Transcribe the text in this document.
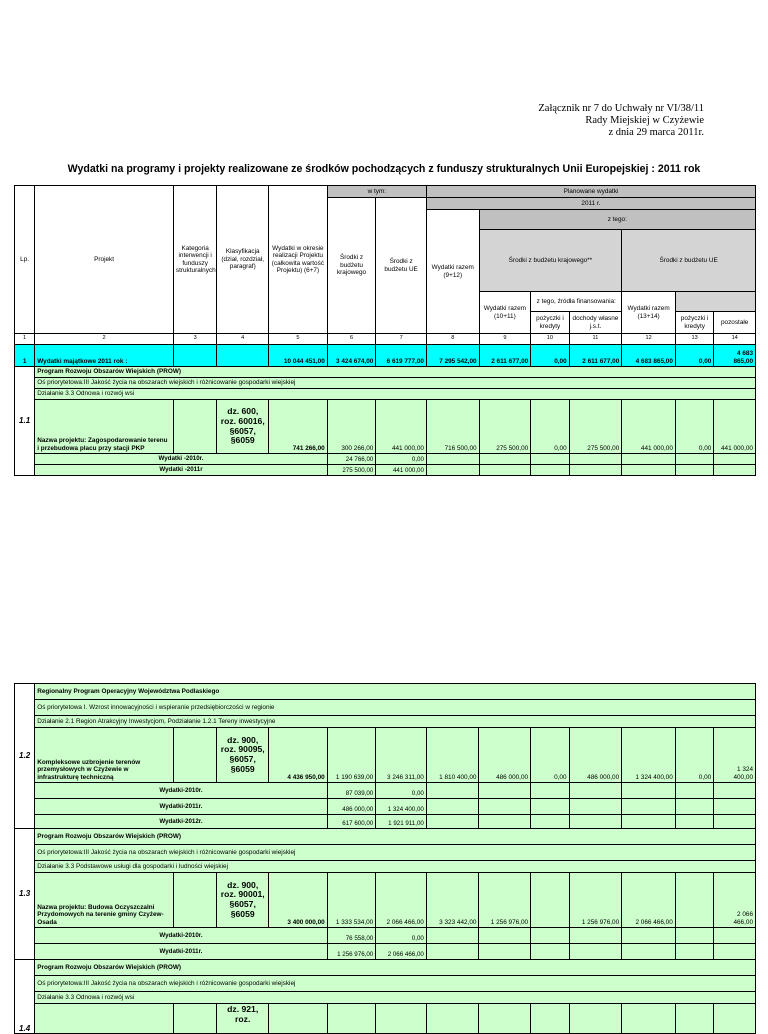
Załącznik nr 7 do Uchwały nr VI/38/11
Rady Miejskiej w Czyżewie
z dnia 29 marca 2011r.
Wydatki na programy i projekty realizowane ze środków pochodzących z funduszy strukturalnych Unii Europejskiej : 2011 rok
Lp.	Projekt	Kategoria interwencji i funduszy strukturalnych	Klasyfikacja (dział, rozdział, paragraf)	Wydatki w okresie realizacji Projektu (całkowita wartość Projektu) (6+7)	w tym:		Planowane wydatki						
					Środki z budżetu krajowego	Środki z budżetu UE	2011 r.						
							Wydatki razem (9+12)	z tego:					
								Środki z budżetu krajowego**			Środki z budżetu UE		
								Wydatki razem (10+11)	z tego, źródła finansowania:		Wydatki razem (13+14)		
									pożyczki i kredyty	dochody własne j.s.t.		pożyczki i kredyty	pozostałe

1	2	3	4	5	6	7	8	9	10	11	12	13	14
1	Wydatki majątkowe 2011 rok :			10 044 451,00	3 424 674,00	6 619 777,00	7 295 542,00	2 611 677,00	0,00	2 611 677,00	4 683 865,00	0,00	4 683 865,00
1.1	Program Rozwoju Obszarów Wiejskich (PROW)												
	Oś priorytetowa:III Jakość życia na obszarach wiejskich i różnicowanie gospodarki wiejskiej												
	Działanie 3.3 Odnowa i rozwój wsi												
	Nazwa projektu: Zagospodarowanie terenu i przebudowa placu przy stacji PKP		dz. 600, roz. 60016, §6057, §6059	741 266,00	300 266,00	441 000,00	716 500,00	275 500,00	0,00	275 500,00	441 000,00	0,00	441 000,00
	Wydatki -2010r.				24 766,00	0,00							
	Wydatki -2011r				275 500,00	441 000,00							
1.2	Regionalny Program Operacyjny Województwa Podlaskiego												
	Oś priorytetowa I. Wzrost innowacyjności i wspieranie przedsiębiorczości w regionie												
	Działanie 2.1 Region Atrakcyjny Inwestycjom, Podziałanie 1.2.1 Tereny inwestycyjne												
	Kompleksowe uzbrojenie terenów przemysłowych w Czyżewie w infrastrukturę techniczną		dz. 900, roz. 90095, §6057, §6059	4 436 950,00	1 190 639,00	3 246 311,00	1 810 400,00	486 000,00	0,00	486 000,00	1 324 400,00	0,00	1 324 400,00
	Wydatki-2010r.				87 039,00	0,00							
	Wydatki-2011r.				486 000,00	1 324 400,00							
	Wydatki-2012r.				617 600,00	1 921 911,00							
1.3	Program Rozwoju Obszarów Wiejskich (PROW)												
	Oś priorytetowa:III Jakość życia na obszarach wiejskich i różnicowanie gospodarki wiejskiej												
	Działanie 3.3 Podstawowe usługi dla gospodarki i ludności wiejskiej												
	Nazwa projektu: Budowa Oczyszczalni Przydomowych na terenie gminy Czyżew-Osada		dz. 900, roz. 90001, §6057, §6059	3 400 000,00	1 333 534,00	2 066 466,00	3 323 442,00	1 256 976,00		1 256 976,00	2 066 466,00		2 066 466,00
	Wydatki-2010r.				76 558,00	0,00							
	Wydatki-2011r.				1 256 976,00	2 066 466,00							
1.4	Program Rozwoju Obszarów Wiejskich (PROW)												
	Oś priorytetowa:III Jakość życia na obszarach wiejskich i różnicowanie gospodarki wiejskiej												
	Działanie 3.3 Odnowa i rozwój wsi												
			dz. 921, roz.										
